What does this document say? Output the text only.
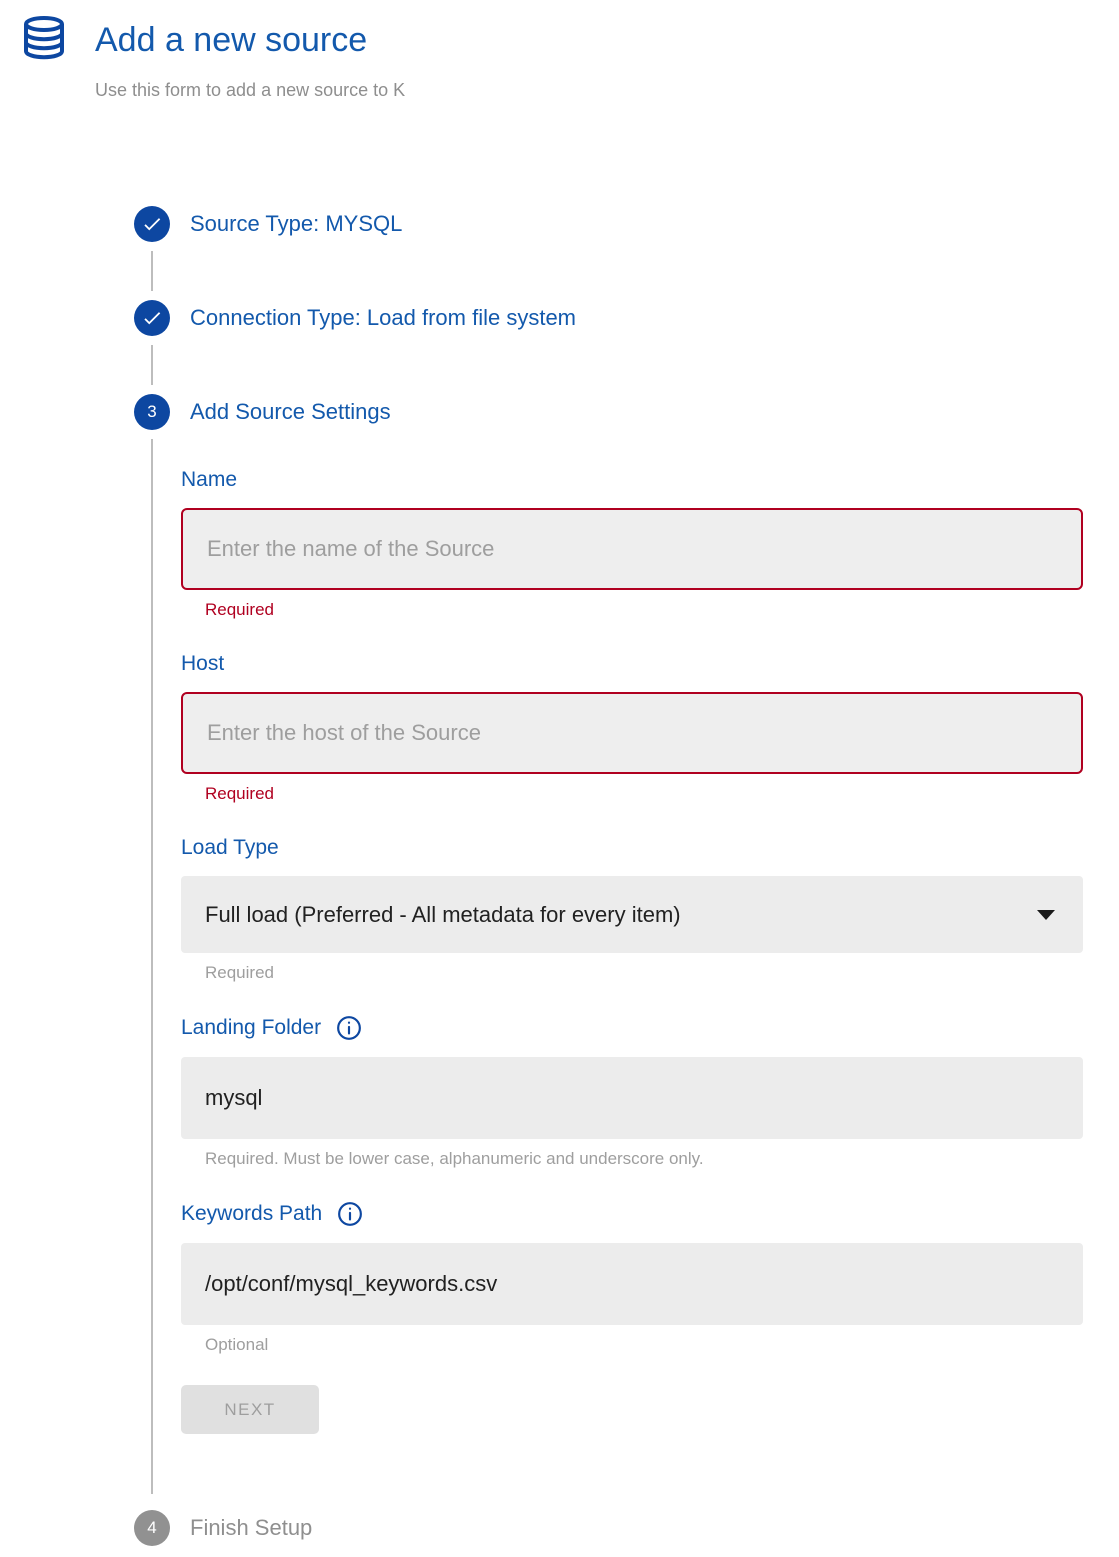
Add a new source
Use this form to add a new source to K
Source Type: MYSQL
Connection Type: Load from file system
3 Add Source Settings
Name
Enter the name of the Source
Required
Host
Enter the host of the Source
Required
Load Type
Full load (Preferred - All metadata for every item)
Required
Landing Folder
mysql
Required. Must be lower case, alphanumeric and underscore only.
Keywords Path
/opt/conf/mysql_keywords.csv
Optional
NEXT
4 Finish Setup
